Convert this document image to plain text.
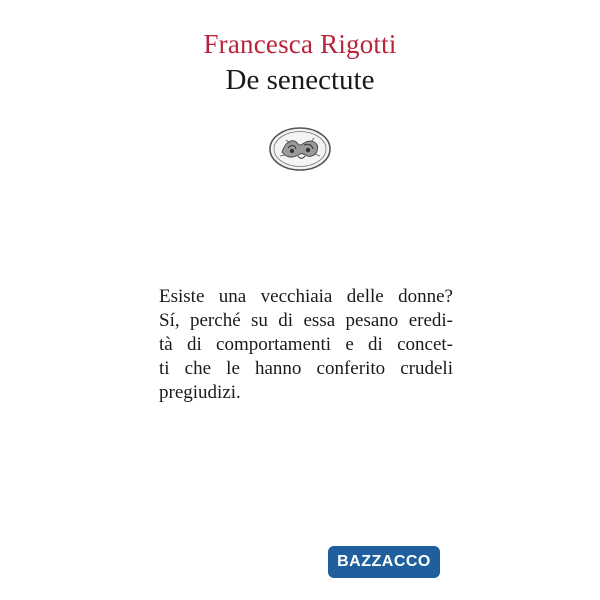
Francesca Rigotti
De senectute
Esiste una vecchiaia delle donne?
Sí, perché su di essa pesano eredi-
tà di comportamenti e di concet-
ti che le hanno conferito crudeli
pregiudizi.
BAZZACCO
